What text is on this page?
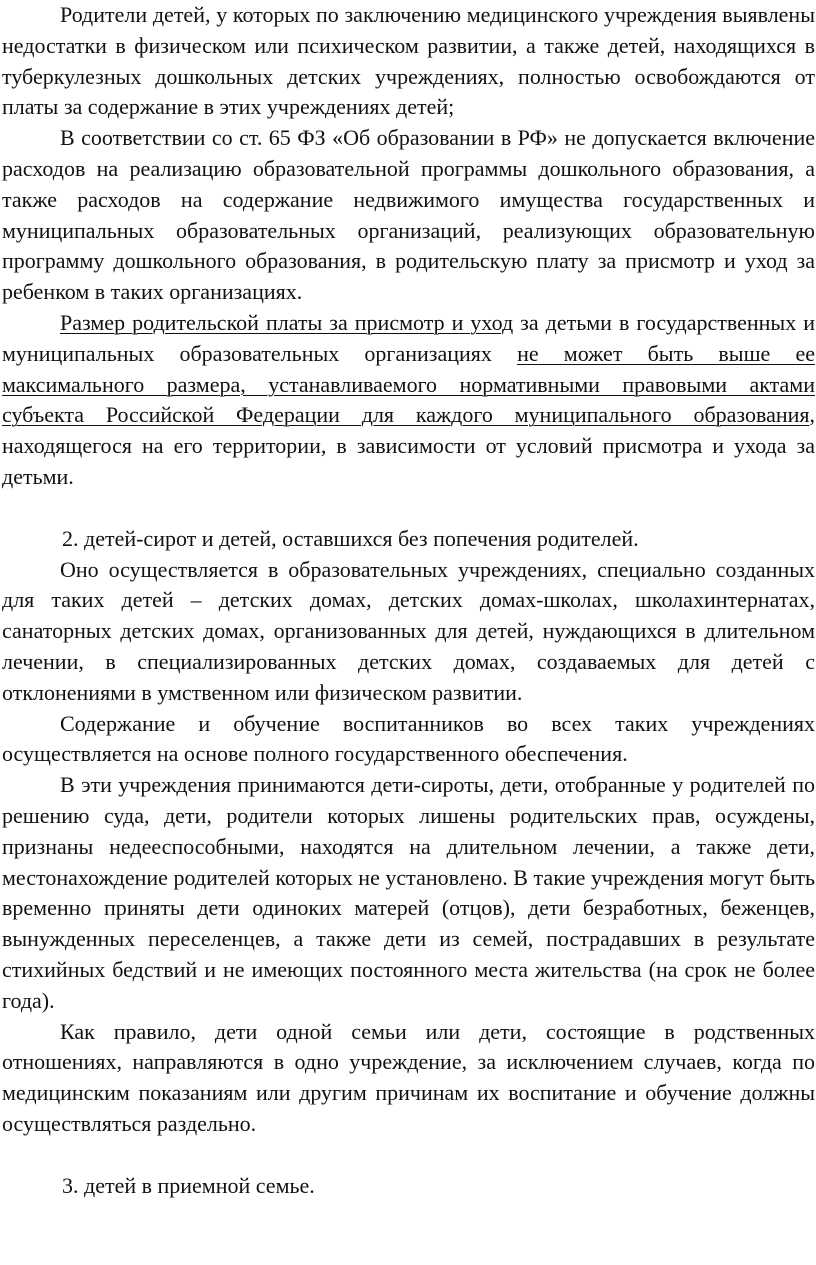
Родители детей, у которых по заключению медицинского учреждения выявлены недостатки в физическом или психическом развитии, а также детей, находящихся в туберкулезных дошкольных детских учреждениях, полностью освобождаются от платы за содержание в этих учреждениях детей;

В соответствии со ст. 65 ФЗ «Об образовании в РФ» не допускается включение расходов на реализацию образовательной программы дошкольного образования, а также расходов на содержание недвижимого имущества государственных и муниципальных образовательных организаций, реализующих образовательную программу дошкольного образования, в родительскую плату за присмотр и уход за ребенком в таких организациях.

Размер родительской платы за присмотр и уход за детьми в государственных и муниципальных образовательных организациях не может быть выше ее максимального размера, устанавливаемого нормативными правовыми актами субъекта Российской Федерации для каждого муниципального образования, находящегося на его территории, в зависимости от условий присмотра и ухода за детьми.

2. детей-сирот и детей, оставшихся без попечения родителей.

Оно осуществляется в образовательных учреждениях, специально созданных для таких детей – детских домах, детских домах-школах, школахинтернатах, санаторных детских домах, организованных для детей, нуждающихся в длительном лечении, в специализированных детских домах, создаваемых для детей с отклонениями в умственном или физическом развитии.

Содержание и обучение воспитанников во всех таких учреждениях осуществляется на основе полного государственного обеспечения.

В эти учреждения принимаются дети-сироты, дети, отобранные у родителей по решению суда, дети, родители которых лишены родительских прав, осуждены, признаны недееспособными, находятся на длительном лечении, а также дети, местонахождение родителей которых не установлено. В такие учреждения могут быть временно приняты дети одиноких матерей (отцов), дети безработных, беженцев, вынужденных переселенцев, а также дети из семей, пострадавших в результате стихийных бедствий и не имеющих постоянного места жительства (на срок не более года).

Как правило, дети одной семьи или дети, состоящие в родственных отношениях, направляются в одно учреждение, за исключением случаев, когда по медицинским показаниям или другим причинам их воспитание и обучение должны осуществляться раздельно.

3. детей в приемной семье.
